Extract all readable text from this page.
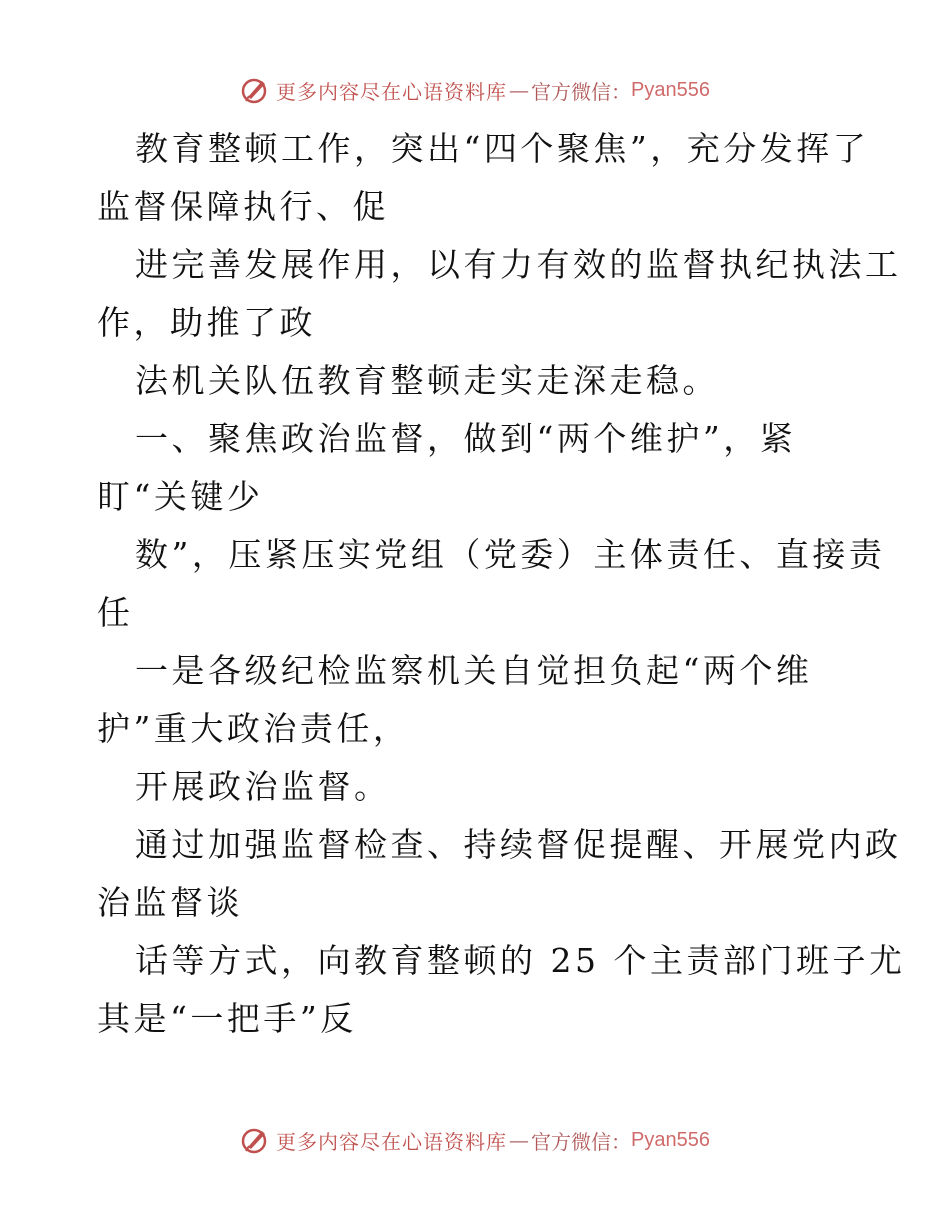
更多内容尽在心语资料库 — 官方微信： Pyan556
教育整顿工作，突出“四个聚焦”，充分发挥了
监督保障执行、促
进完善发展作用，以有力有效的监督执纪执法工
作，助推了政
法机关队伍教育整顿走实走深走稳。
一、聚焦政治监督，做到“两个维护”，紧
盯“关键少
数”，压紧压实党组（党委）主体责任、直接责
任
一是各级纪检监察机关自觉担负起“两个维
护”重大政治责任，
开展政治监督。
通过加强监督检查、持续督促提醒、开展党内政
治监督谈
话等方式，向教育整顿的 25 个主责部门班子尤
其是“一把手”反
更多内容尽在心语资料库 — 官方微信： Pyan556
